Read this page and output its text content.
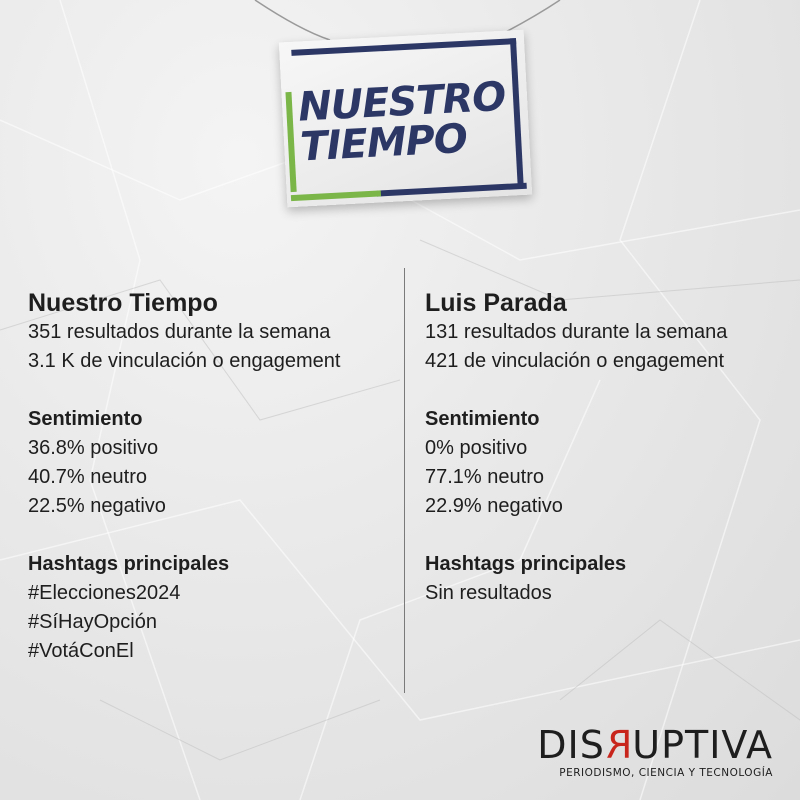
NUESTRO
TIEMPO

Nuestro Tiempo

351 resultados durante la semana

3.1 K de vinculación o engagement

Sentimiento

36.8% positivo

40.7% neutro

22.5% negativo

Hashtags principales

#Elecciones2024

#SíHayOpción

#VotáConEl

Luis Parada

131 resultados durante la semana

421 de vinculación o engagement

Sentimiento

0% positivo

77.1% neutro

22.9% negativo

Hashtags principales

Sin resultados

DISRUPTIVA
PERIODISMO, CIENCIA Y TECNOLOGÍA
